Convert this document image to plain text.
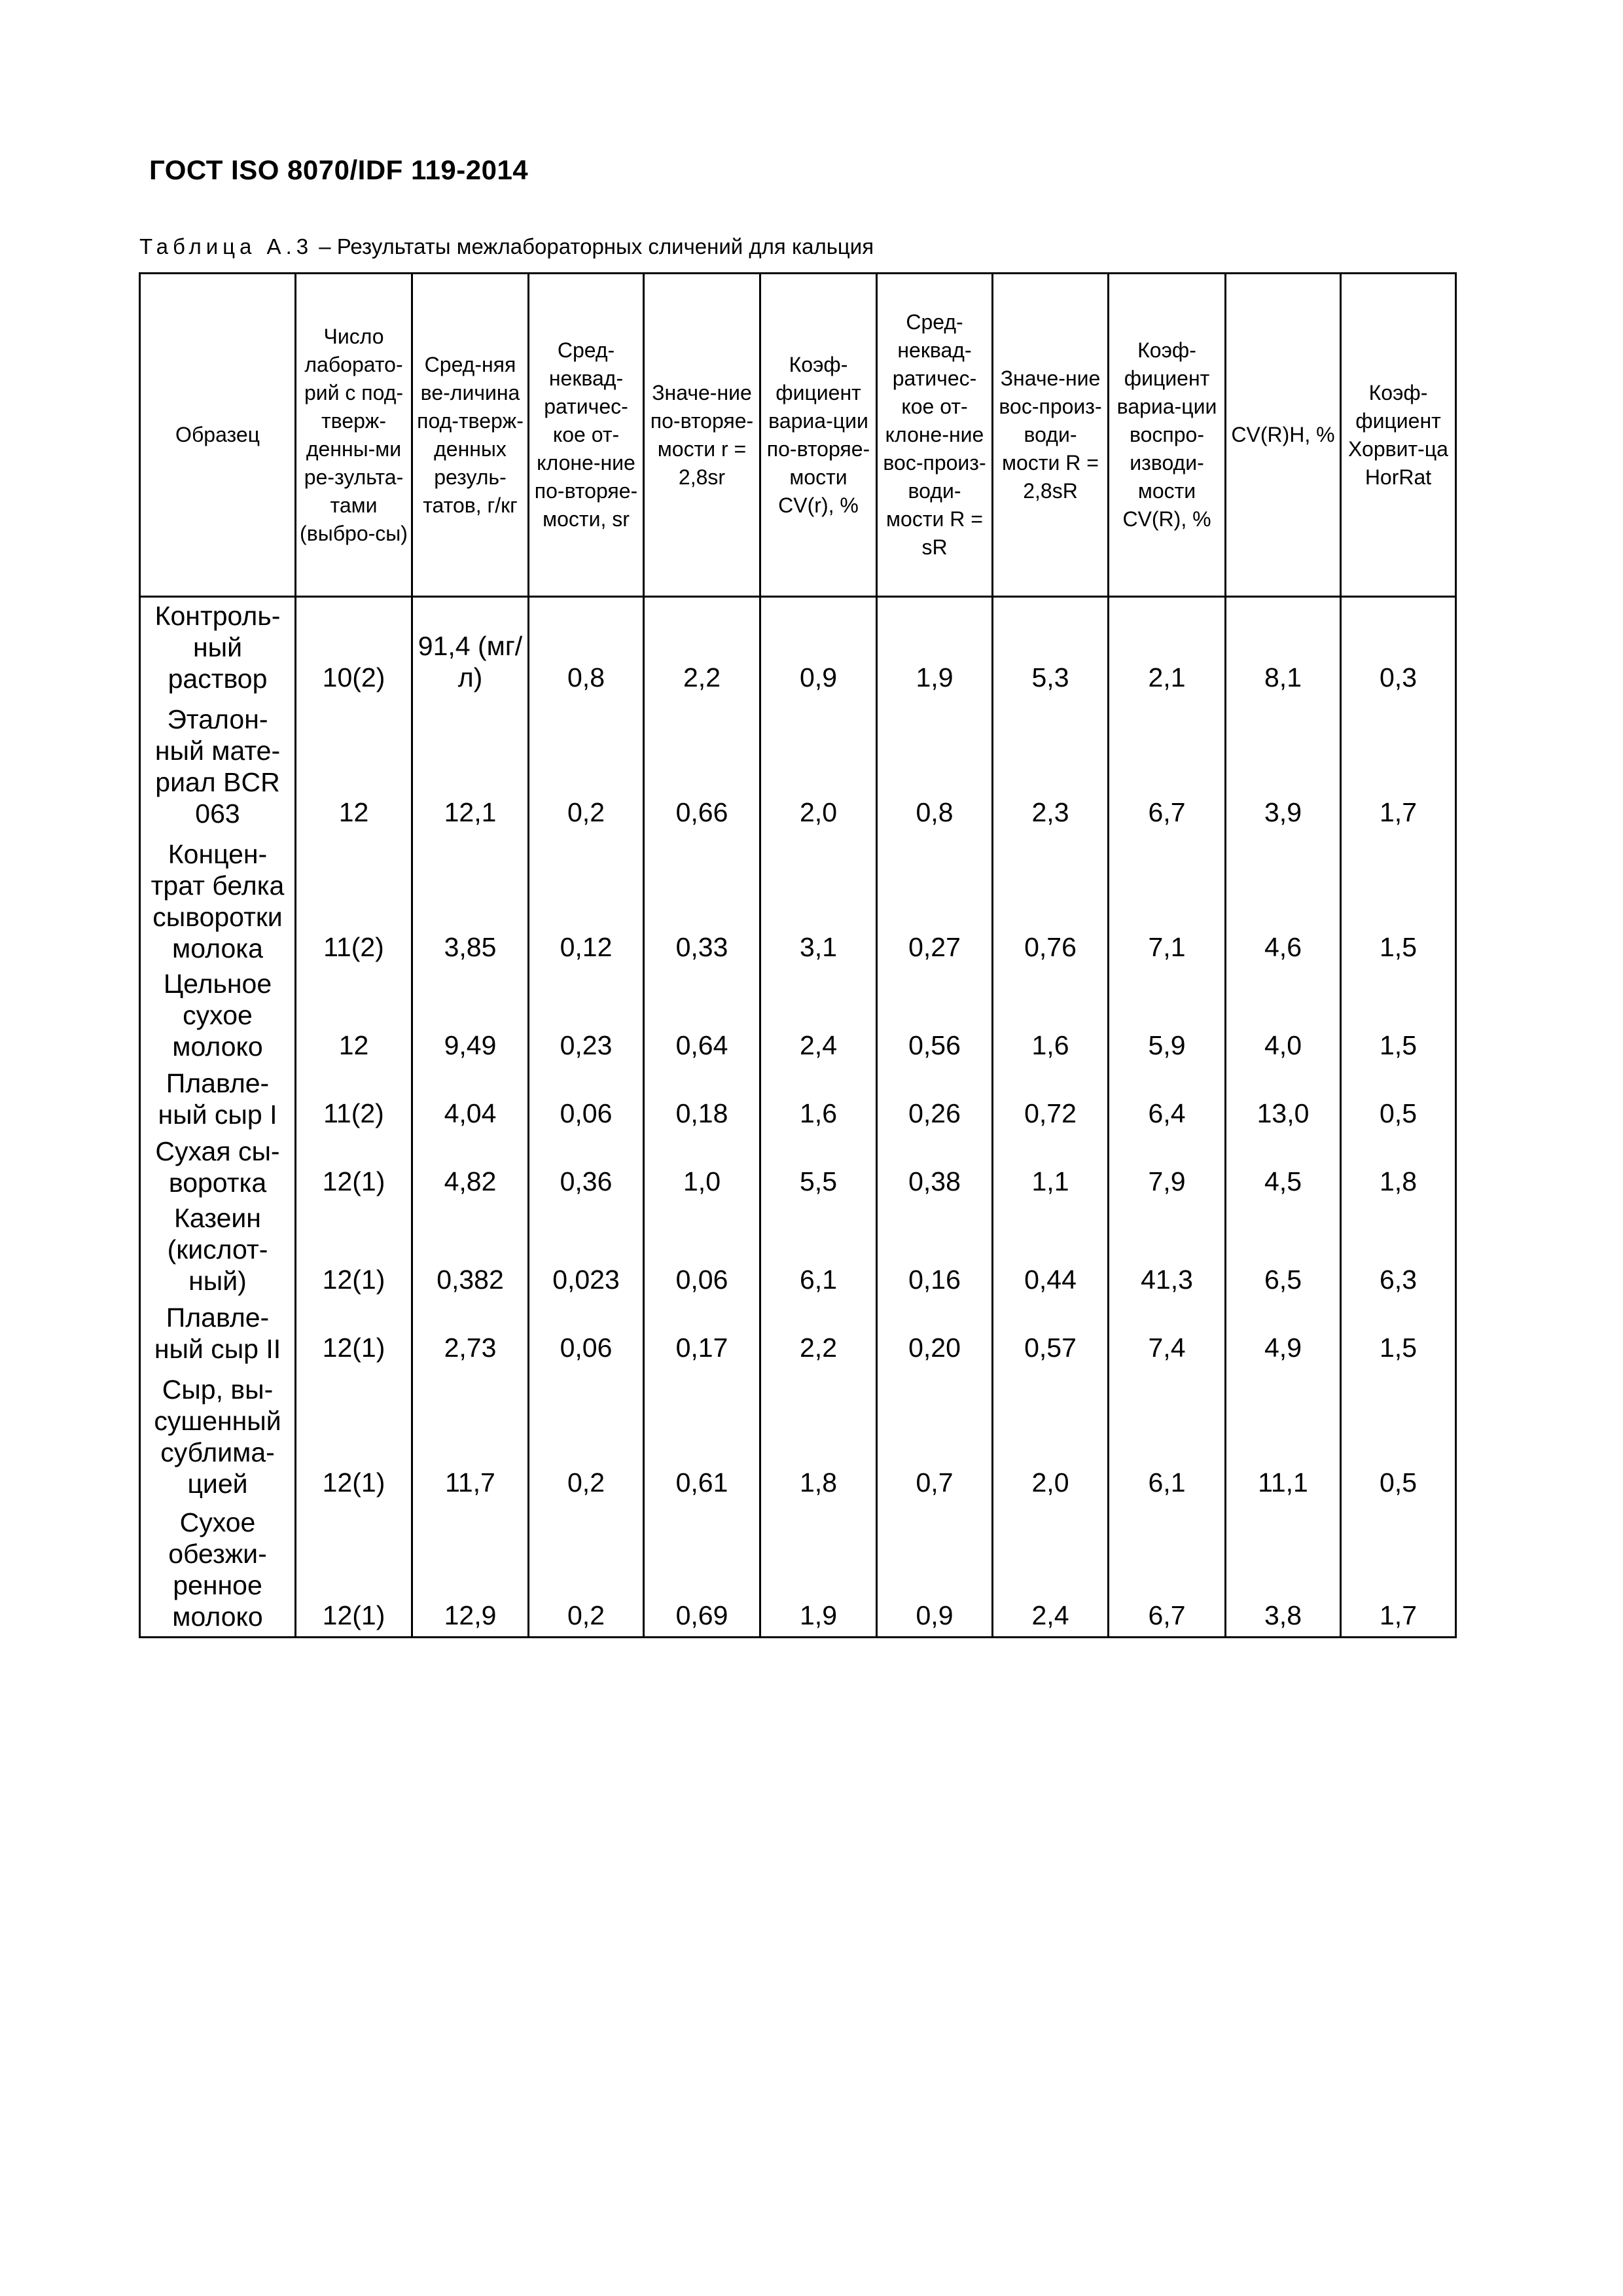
ГОСТ ISO 8070/IDF 119-2014
Таблица А.3 – Результаты межлабораторных сличений для кальция
Образец	Число лаборато-рий с под-тверж-денны-ми ре-зульта-тами (выбро-сы)	Сред-няя ве-личина под-тверж-денных резуль-татов, г/кг	Сред-неквад-ратичес-кое от-клоне-ние по-вторяе-мости, sr	Значе-ние по-вторяе-мости r = 2,8sr	Коэф-фициент вариа-ции по-вторяе-мости CV(r), %	Сред-неквад-ратичес-кое от-клоне-ние вос-произ-води-мости R = sR	Значе-ние вос-произ-води-мости R = 2,8sR	Коэф-фициент вариа-ции воспро-изводи-мости CV(R), %	CV(R)Н, %	Коэф-фициент Хорвит-ца HorRat
Контроль-ный раствор	10(2)	91,4 (мг/л)	0,8	2,2	0,9	1,9	5,3	2,1	8,1	0,3
Эталон-ный мате-риал BCR 063	12	12,1	0,2	0,66	2,0	0,8	2,3	6,7	3,9	1,7
Концен-трат белка сыворотки молока	11(2)	3,85	0,12	0,33	3,1	0,27	0,76	7,1	4,6	1,5
Цельное сухое молоко	12	9,49	0,23	0,64	2,4	0,56	1,6	5,9	4,0	1,5
Плавле-ный сыр I	11(2)	4,04	0,06	0,18	1,6	0,26	0,72	6,4	13,0	0,5
Сухая сы-воротка	12(1)	4,82	0,36	1,0	5,5	0,38	1,1	7,9	4,5	1,8
Казеин (кислот-ный)	12(1)	0,382	0,023	0,06	6,1	0,16	0,44	41,3	6,5	6,3
Плавле-ный сыр II	12(1)	2,73	0,06	0,17	2,2	0,20	0,57	7,4	4,9	1,5
Сыр, вы-сушенный сублима-цией	12(1)	11,7	0,2	0,61	1,8	0,7	2,0	6,1	11,1	0,5
Сухое обезжи-ренное молоко	12(1)	12,9	0,2	0,69	1,9	0,9	2,4	6,7	3,8	1,7
